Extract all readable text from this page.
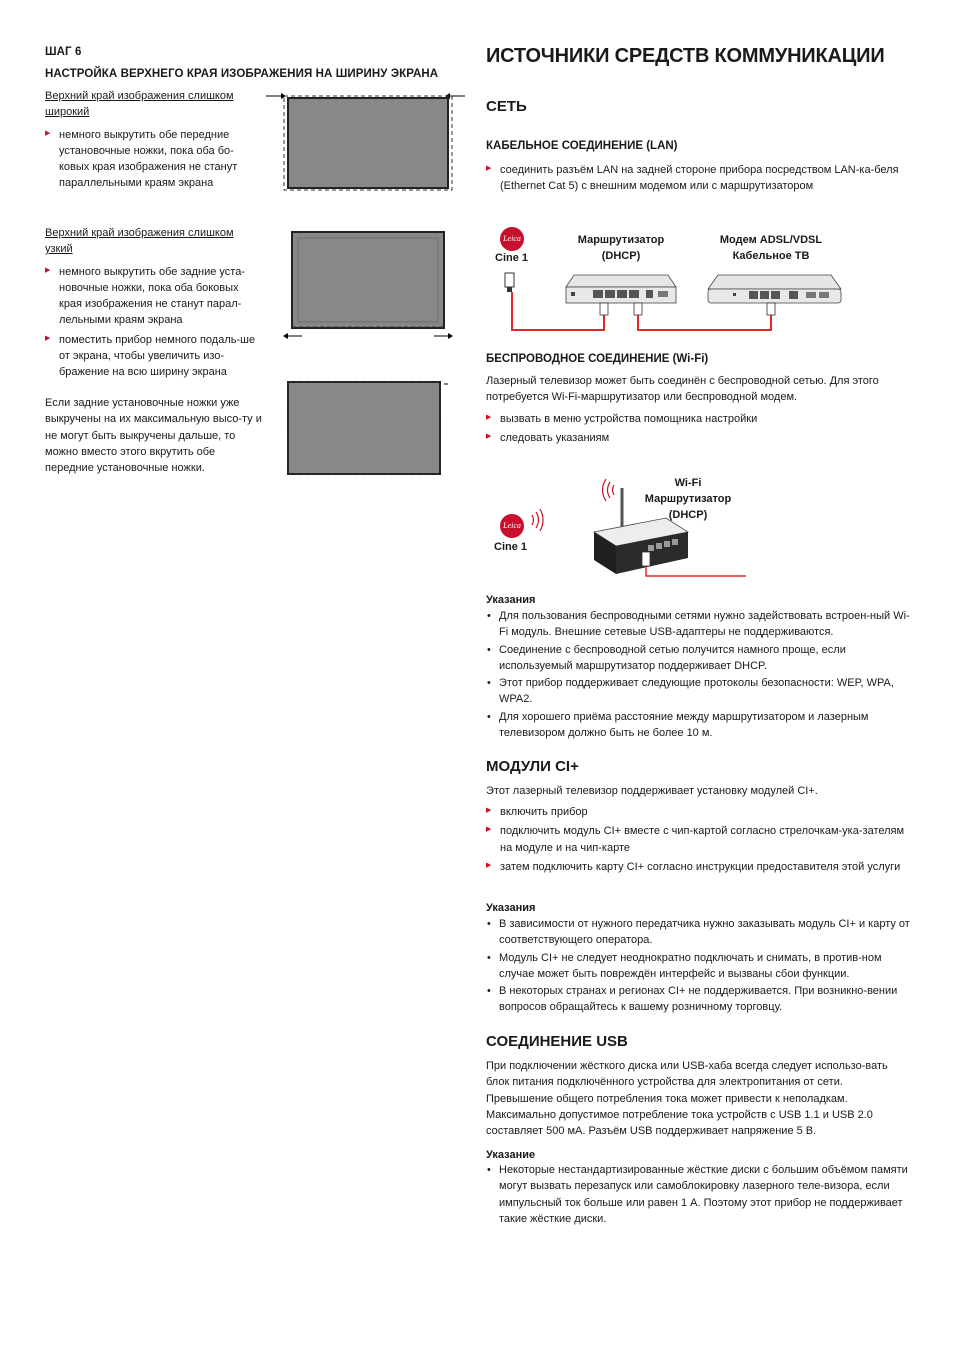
ШАГ 6
НАСТРОЙКА ВЕРХНЕГО КРАЯ ИЗОБРАЖЕНИЯ НА ШИРИНУ ЭКРАНА
Верхний край изображения слишком
широкий
▶ немного выкрутить обе передние установочные ножки, пока оба бо-ковых края изображения не станут параллельными краям экрана
Верхний край изображения слишком
узкий
▶ немного выкрутить обе задние уста-новочные ножки, пока оба боковых края изображения не станут парал-лельными краям экрана
▶ поместить прибор немного подаль-ше от экрана, чтобы увеличить изо-бражение на всю ширину экрана
Если задние установочные ножки уже выкручены на их максимальную высо-ту и не могут быть выкручены дальше, то можно вместо этого вкрутить обе передние установочные ножки.
ИСТОЧНИКИ СРЕДСТВ КОММУНИКАЦИИ
СЕТЬ
КАБЕЛЬНОЕ СОЕДИНЕНИЕ (LAN)
▶ соединить разъём LAN на задней стороне прибора посредством LAN-ка-беля (Ethernet Cat 5) с внешним модемом или с маршрутизатором
Leica
Cine 1
Маршрутизатор
(DHCP)
Модем ADSL/VDSL
Кабельное ТВ
БЕСПРОВОДНОЕ СОЕДИНЕНИЕ (Wi-Fi)
Лазерный телевизор может быть соединён с беспроводной сетью. Для этого потребуется Wi-Fi-маршрутизатор или беспроводной модем.
▶ вызвать в меню устройства помощника настройки
▶ следовать указаниям
Leica
Cine 1
Wi-Fi
Маршрутизатор
(DHCP)
Указания
• Для пользования беспроводными сетями нужно задействовать встроен-ный Wi-Fi модуль. Внешние сетевые USB-адаптеры не поддерживаются.
• Соединение с беспроводной сетью получится намного проще, если используемый маршрутизатор поддерживает DHCP.
• Этот прибор поддерживает следующие протоколы безопасности: WEP, WPA, WPA2.
• Для хорошего приёма расстояние между маршрутизатором и лазерным телевизором должно быть не более 10 м.
МОДУЛИ CI+
Этот лазерный телевизор поддерживает установку модулей CI+.
▶ включить прибор
▶ подключить модуль CI+ вместе с чип-картой согласно стрелочкам-ука-зателям на модуле и на чип-карте
▶ затем подключить карту CI+ согласно инструкции предоставителя этой услуги
Указания
• В зависимости от нужного передатчика нужно заказывать модуль CI+ и карту от соответствующего оператора.
• Модуль CI+ не следует неоднократно подключать и снимать, в против-ном случае может быть повреждён интерфейс и вызваны сбои функции.
• В некоторых странах и регионах CI+ не поддерживается. При возникно-вении вопросов обращайтесь к вашему розничному торговцу.
СОЕДИНЕНИЕ USB
При подключении жёсткого диска или USB-хаба всегда следует использо-вать блок питания подключённого устройства для электропитания от сети. Превышение общего потребления тока может привести к неполадкам. Максимально допустимое потребление тока устройств с USB 1.1 и USB 2.0 составляет 500 мА. Разъём USB поддерживает напряжение 5 В.
Указание
• Некоторые нестандартизированные жёсткие диски с большим объёмом памяти могут вызвать перезапуск или самоблокировку лазерного теле-визора, если импульсный ток больше или равен 1 А. Поэтому этот прибор не поддерживает такие жёсткие диски.
